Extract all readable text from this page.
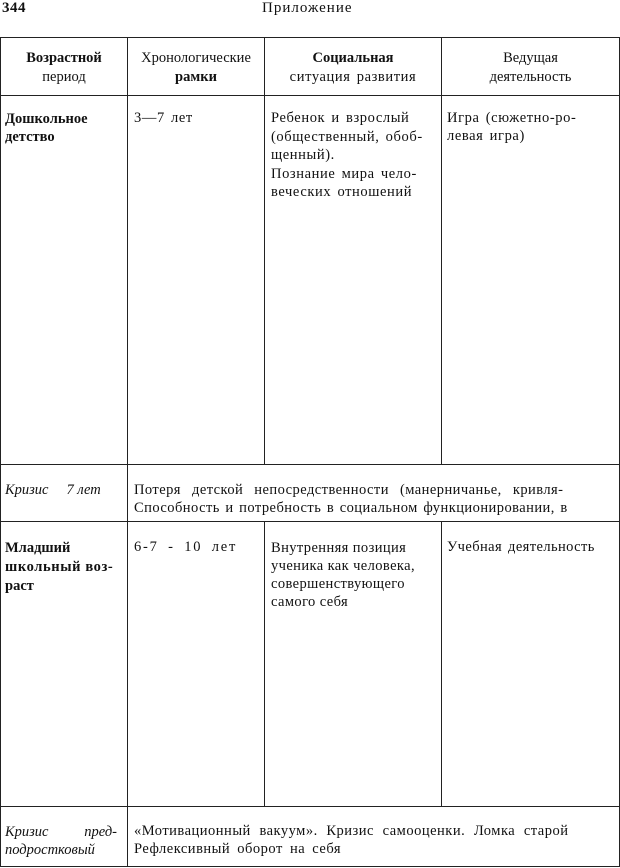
344	Приложение
Возрастной
период
Хронологические
рамки
Социальная
ситуация развития
Ведущая
деятельность
Дошкольное
детство
3—7 лет	Ребенок и взрослый
(общественный, обоб-
щенный).
Познание мира чело-
веческих отношений
Игра (сюжетно-ро-
левая игра)
Кризис 7 лет Потеря детской непосредственности (манерничанье, кривля-
Способность и потребность в социальном функционировании, в
Младший
школьный воз-
раст
6-7 - 10 лет Внутренняя позиция
ученика как человека,
совершенствующего
самого себя
Учебная деятельность
Кризис пред-
подростковый
«Мотивационный вакуум». Кризис самооценки. Ломка старой
Рефлексивный оборот на себя
